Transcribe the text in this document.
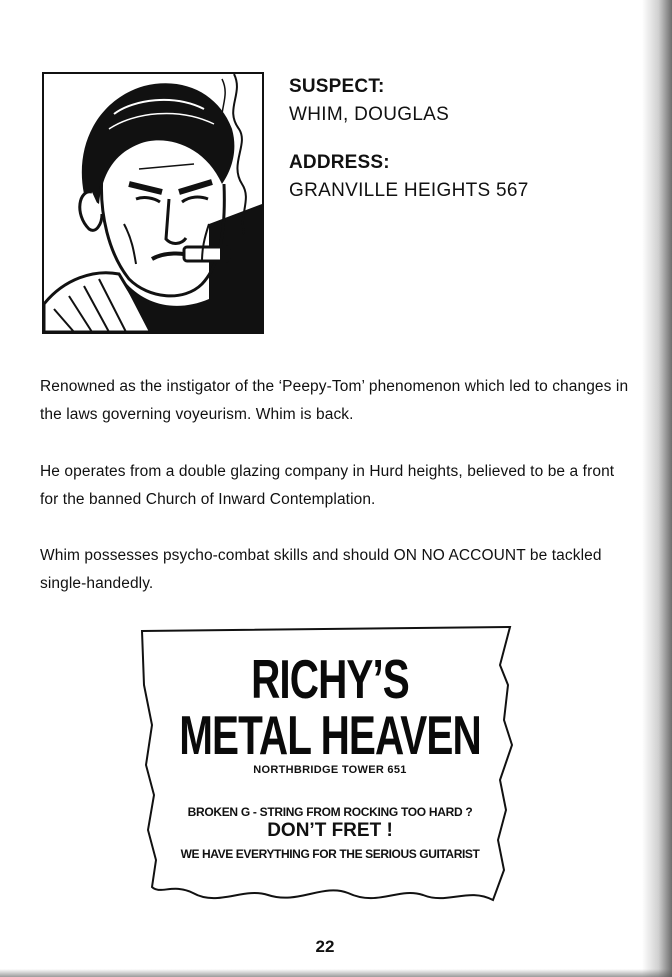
SUSPECT:

WHIM, DOUGLAS

ADDRESS:

GRANVILLE HEIGHTS 567

Renowned as the instigator of the ‘Peepy-Tom’ phenomenon which led to changes in the laws governing voyeurism. Whim is back.

He operates from a double glazing company in Hurd heights, believed to be a front for the banned Church of Inward Contemplation.

Whim possesses psycho-combat skills and should ON NO ACCOUNT be tackled single-handedly.

RICHY’S
METAL HEAVEN
NORTHBRIDGE TOWER 651
BROKEN G - STRING FROM ROCKING TOO HARD ?
DON’T FRET !
WE HAVE EVERYTHING FOR THE SERIOUS GUITARIST
22
